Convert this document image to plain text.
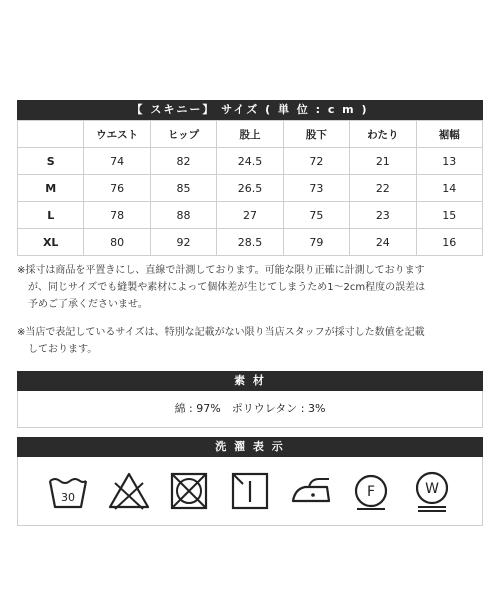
【 スキニー】 サイズ ( 単 位 : c m )
	ウエスト	ヒップ	股上	股下	わたり	裾幅
S	74	82	24.5	72	21	13
M	76	85	26.5	73	22	14
L	78	88	27	75	23	15
XL	80	92	28.5	79	24	16

※採寸は商品を平置きにし、直線で計測しております。可能な限り正確に計測しております

が、同じサイズでも縫製や素材によって個体差が生じてしまうため1〜2cm程度の誤差は

予めご了承くださいませ。

※当店で表記しているサイズは、特別な記載がない限り当店スタッフが採寸した数値を記載

しております。

素 材
綿 : 97%　ポリウレタン : 3%
洗 濯 表 示
30	F	W
